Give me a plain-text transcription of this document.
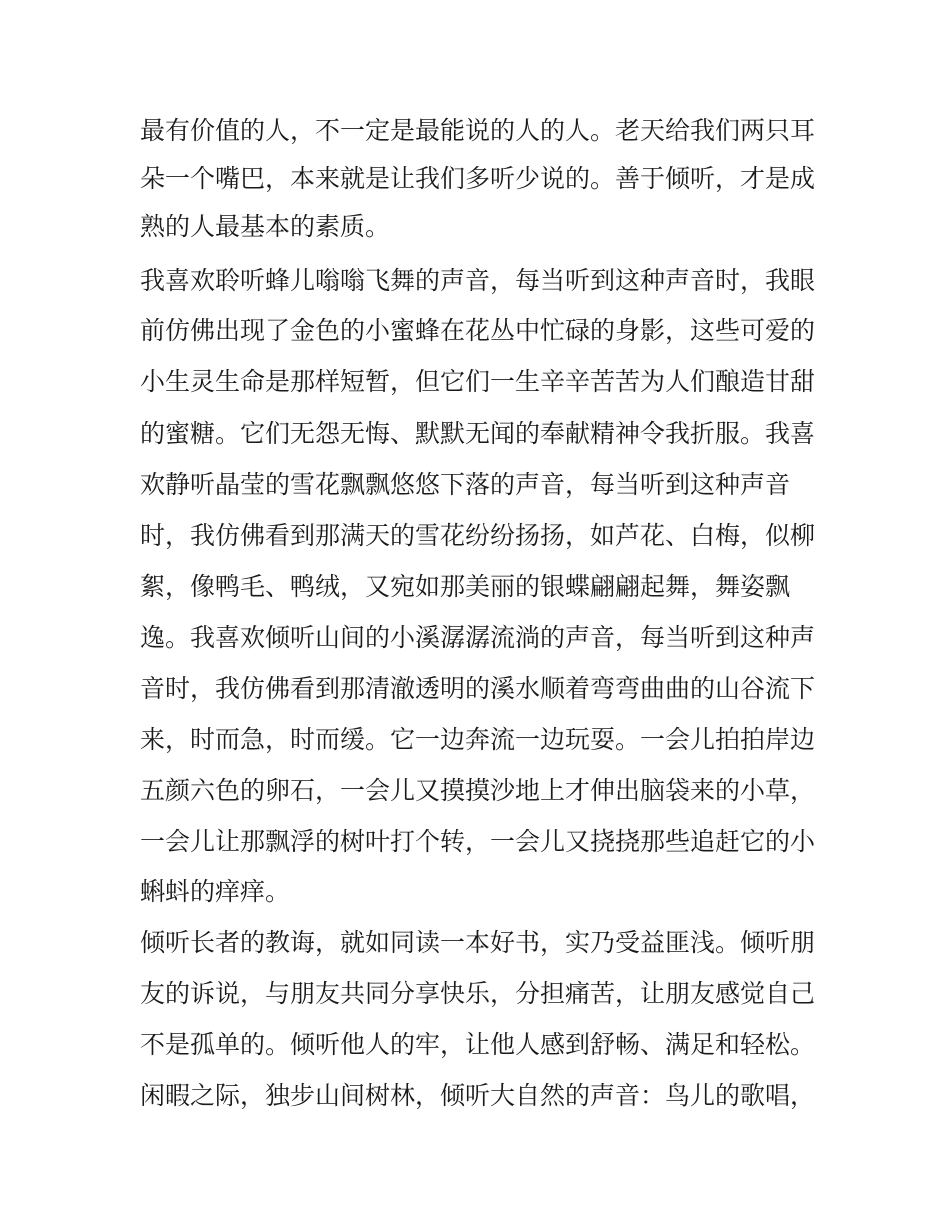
最有价值的人，不一定是最能说的人的人。老天给我们两只耳
朵一个嘴巴，本来就是让我们多听少说的。善于倾听，才是成
熟的人最基本的素质。
我喜欢聆听蜂儿嗡嗡飞舞的声音，每当听到这种声音时，我眼
前仿佛出现了金色的小蜜蜂在花丛中忙碌的身影，这些可爱的
小生灵生命是那样短暂，但它们一生辛辛苦苦为人们酿造甘甜
的蜜糖。它们无怨无悔、默默无闻的奉献精神令我折服。我喜
欢静听晶莹的雪花飘飘悠悠下落的声音，每当听到这种声音
时，我仿佛看到那满天的雪花纷纷扬扬，如芦花、白梅，似柳
絮，像鸭毛、鸭绒，又宛如那美丽的银蝶翩翩起舞，舞姿飘
逸。我喜欢倾听山间的小溪潺潺流淌的声音，每当听到这种声
音时，我仿佛看到那清澈透明的溪水顺着弯弯曲曲的山谷流下
来，时而急，时而缓。它一边奔流一边玩耍。一会儿拍拍岸边
五颜六色的卵石，一会儿又摸摸沙地上才伸出脑袋来的小草，
一会儿让那飘浮的树叶打个转，一会儿又挠挠那些追赶它的小
蝌蚪的痒痒。
倾听长者的教诲，就如同读一本好书，实乃受益匪浅。倾听朋
友的诉说，与朋友共同分享快乐，分担痛苦，让朋友感觉自己
不是孤单的。倾听他人的牢，让他人感到舒畅、满足和轻松。
闲暇之际，独步山间树林，倾听大自然的声音：鸟儿的歌唱，
